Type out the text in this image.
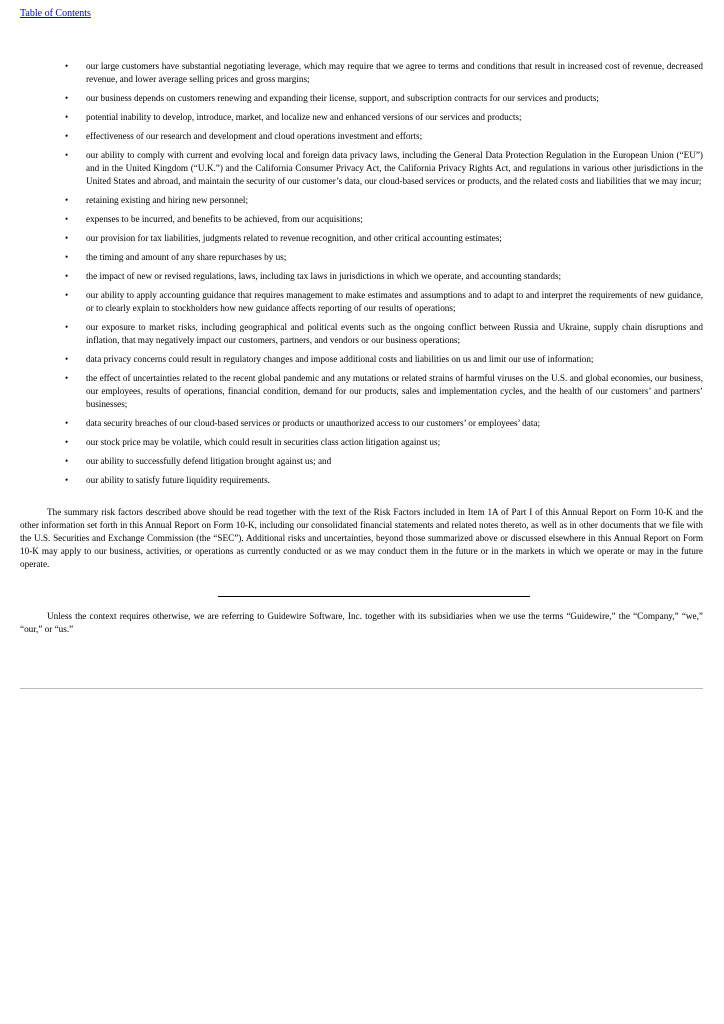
Table of Contents
• our large customers have substantial negotiating leverage, which may require that we agree to terms and conditions that result in increased cost of revenue, decreased revenue, and lower average selling prices and gross margins;
• our business depends on customers renewing and expanding their license, support, and subscription contracts for our services and products;
• potential inability to develop, introduce, market, and localize new and enhanced versions of our services and products;
• effectiveness of our research and development and cloud operations investment and efforts;
• our ability to comply with current and evolving local and foreign data privacy laws, including the General Data Protection Regulation in the European Union (“EU”) and in the United Kingdom (“U.K.”) and the California Consumer Privacy Act, the California Privacy Rights Act, and regulations in various other jurisdictions in the United States and abroad, and maintain the security of our customer’s data, our cloud-based services or products, and the related costs and liabilities that we may incur;
• retaining existing and hiring new personnel;
• expenses to be incurred, and benefits to be achieved, from our acquisitions;
• our provision for tax liabilities, judgments related to revenue recognition, and other critical accounting estimates;
• the timing and amount of any share repurchases by us;
• the impact of new or revised regulations, laws, including tax laws in jurisdictions in which we operate, and accounting standards;
• our ability to apply accounting guidance that requires management to make estimates and assumptions and to adapt to and interpret the requirements of new guidance, or to clearly explain to stockholders how new guidance affects reporting of our results of operations;
• our exposure to market risks, including geographical and political events such as the ongoing conflict between Russia and Ukraine, supply chain disruptions and inflation, that may negatively impact our customers, partners, and vendors or our business operations;
• data privacy concerns could result in regulatory changes and impose additional costs and liabilities on us and limit our use of information;
• the effect of uncertainties related to the recent global pandemic and any mutations or related strains of harmful viruses on the U.S. and global economies, our business, our employees, results of operations, financial condition, demand for our products, sales and implementation cycles, and the health of our customers’ and partners’ businesses;
• data security breaches of our cloud-based services or products or unauthorized access to our customers’ or employees’ data;
• our stock price may be volatile, which could result in securities class action litigation against us;
• our ability to successfully defend litigation brought against us; and
• our ability to satisfy future liquidity requirements.

The summary risk factors described above should be read together with the text of the Risk Factors included in Item 1A of Part I of this Annual Report on Form 10-K and the other information set forth in this Annual Report on Form 10-K, including our consolidated financial statements and related notes thereto, as well as in other documents that we file with the U.S. Securities and Exchange Commission (the “SEC”). Additional risks and uncertainties, beyond those summarized above or discussed elsewhere in this Annual Report on Form 10-K may apply to our business, activities, or operations as currently conducted or as we may conduct them in the future or in the markets in which we operate or may in the future operate.

Unless the context requires otherwise, we are referring to Guidewire Software, Inc. together with its subsidiaries when we use the terms “Guidewire,” the “Company,” “we,” “our,” or “us.”
